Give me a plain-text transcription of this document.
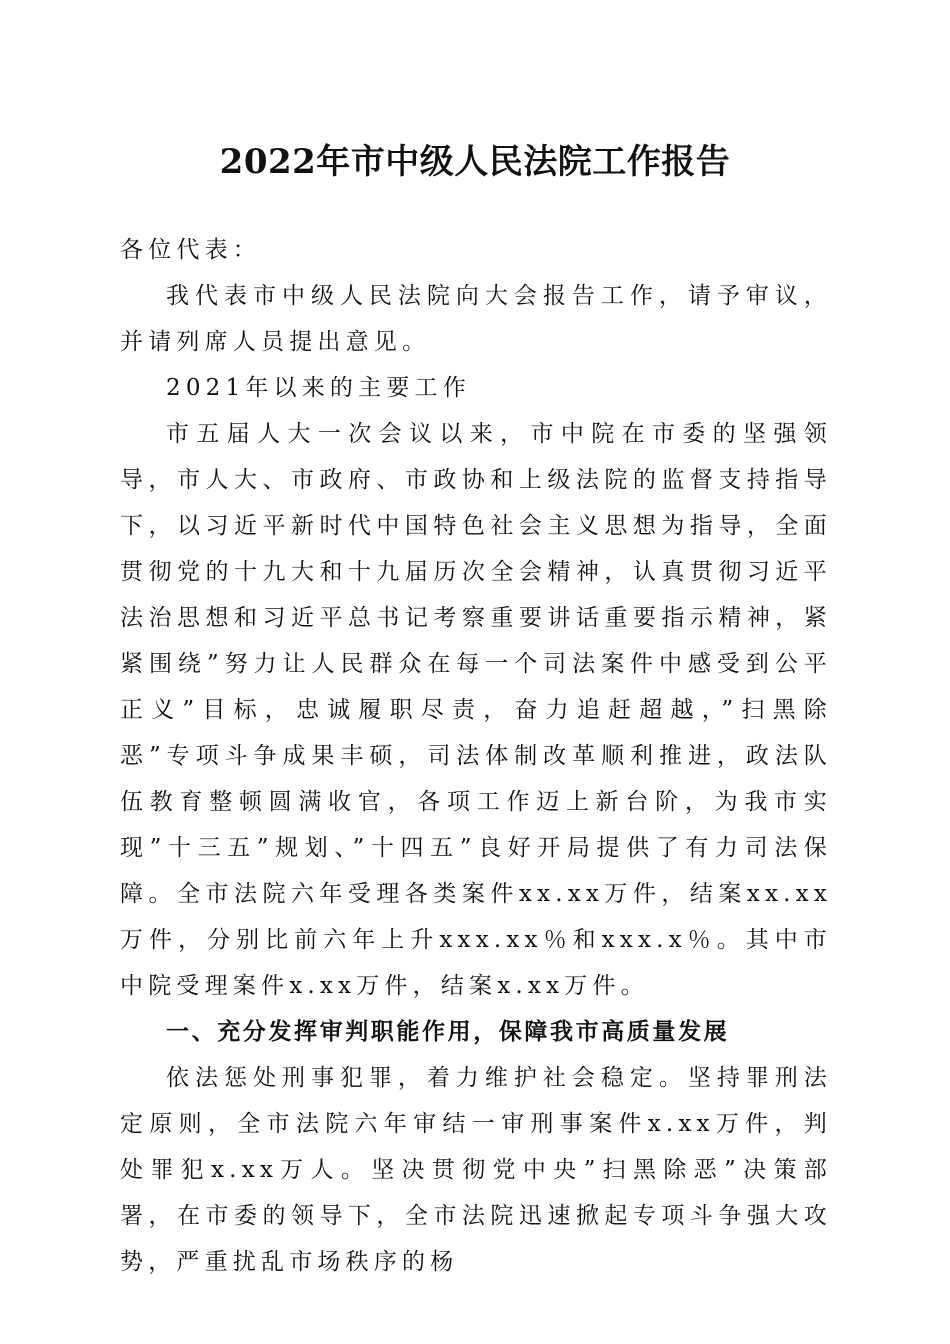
2022年市中级人民法院工作报告

各位代表：

我代表市中级人民法院向大会报告工作，请予审议，并请列席人员提出意见。

2021年以来的主要工作

市五届人大一次会议以来，市中院在市委的坚强领导，市人大、市政府、市政协和上级法院的监督支持指导下，以习近平新时代中国特色社会主义思想为指导，全面贯彻党的十九大和十九届历次全会精神，认真贯彻习近平法治思想和习近平总书记考察重要讲话重要指示精神，紧紧围绕”努力让人民群众在每一个司法案件中感受到公平正义”目标，忠诚履职尽责，奋力追赶超越，”扫黑除恶”专项斗争成果丰硕，司法体制改革顺利推进，政法队伍教育整顿圆满收官，各项工作迈上新台阶，为我市实现”十三五”规划、”十四五”良好开局提供了有力司法保障。全市法院六年受理各类案件xx.xx万件，结案xx.xx万件，分别比前六年上升xxx.xx％和xxx.x％。其中市中院受理案件x.xx万件，结案x.xx万件。

一、充分发挥审判职能作用，保障我市高质量发展

依法惩处刑事犯罪，着力维护社会稳定。坚持罪刑法定原则，全市法院六年审结一审刑事案件x.xx万件，判处罪犯x.xx万人。坚决贯彻党中央”扫黑除恶”决策部署，在市委的领导下，全市法院迅速掀起专项斗争强大攻势，严重扰乱市场秩序的杨
